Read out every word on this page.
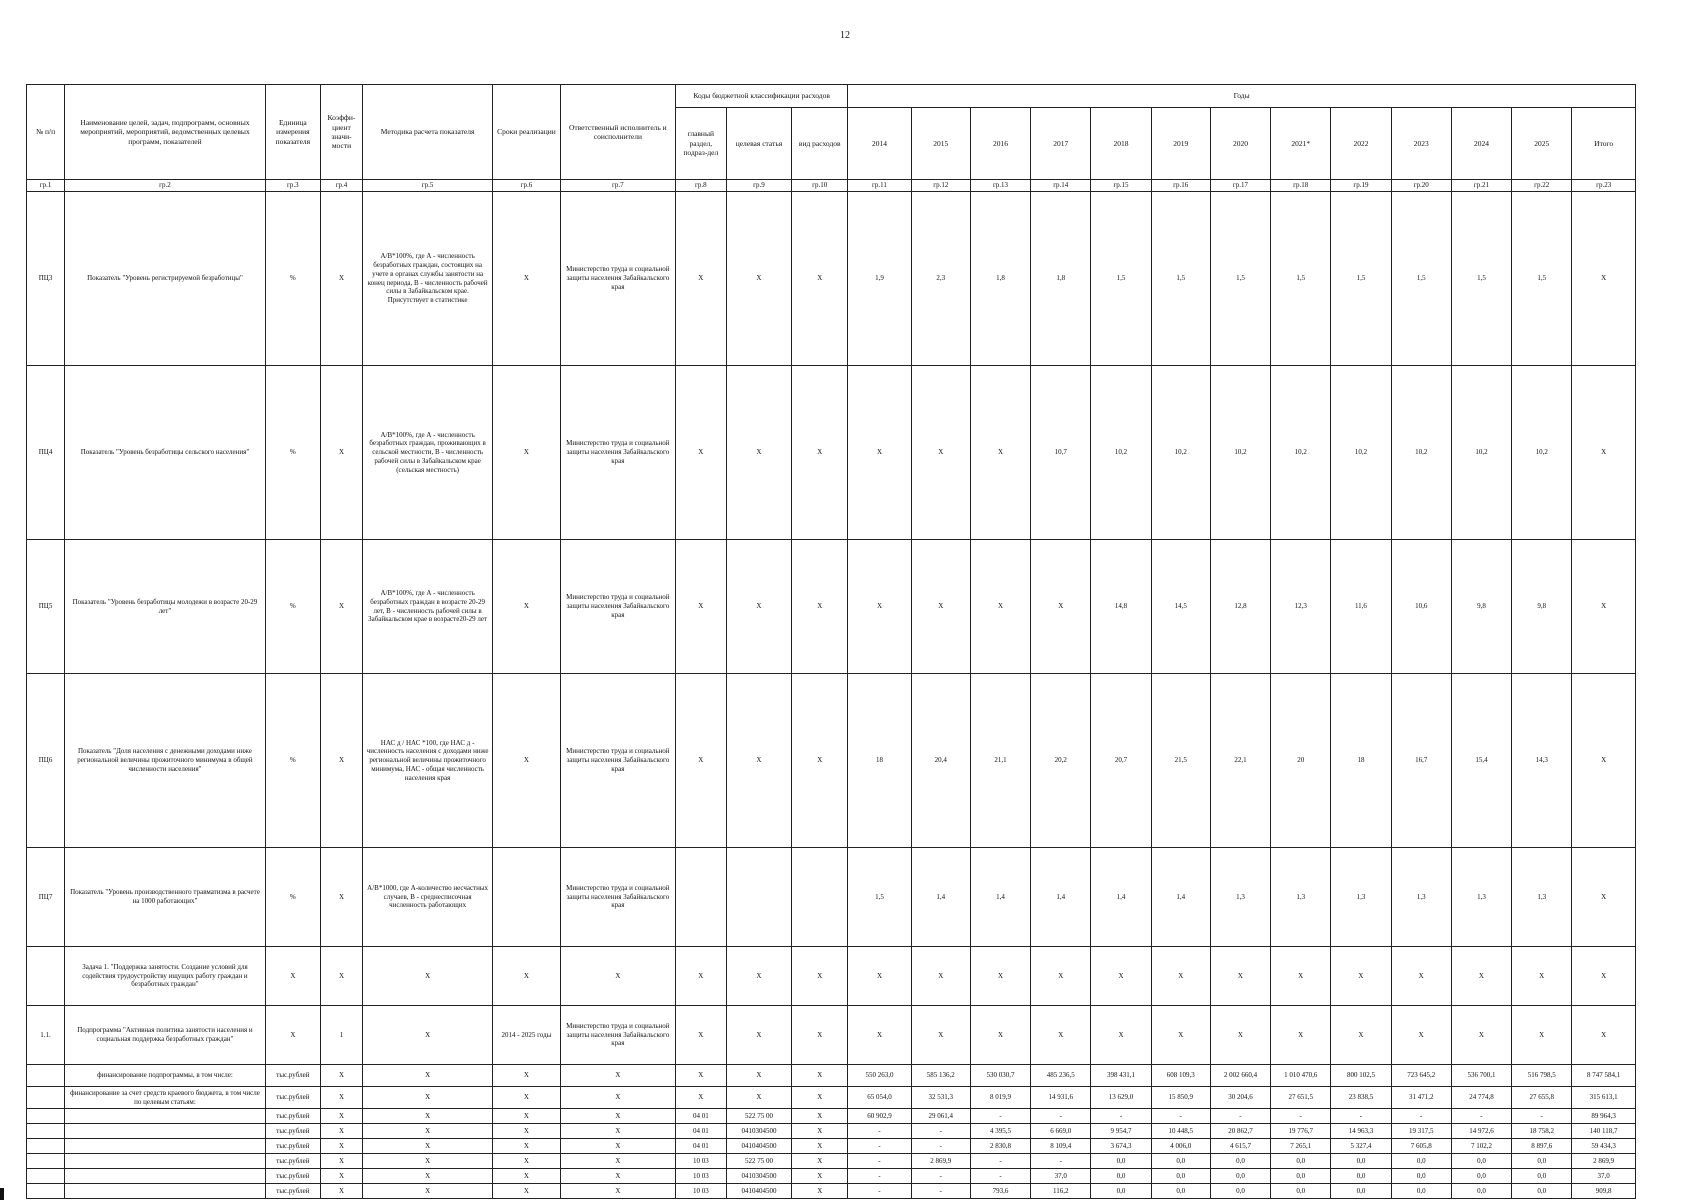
12
№ п/п	Наименование целей, задач, подпрограмм, основных мероприятий, мероприятий, ведомственных целевых программ, показателей	Единица измерения показателя	Коэффи-циент значи-мости	Методика расчета показателя	Сроки реализации	Ответственный исполнитель и соисполнители	Коды бюджетной классификации расходов			Годы												
							главный раздел, подраз-дел	целевая статья	вид расходов	2014	2015	2016	2017	2018	2019	2020	2021*	2022	2023	2024	2025	Итого
гр.1	гр.2	гр.3	гр.4	гр.5	гр.6	гр.7	гр.8	гр.9	гр.10	гр.11	гр.12	гр.13	гр.14	гр.15	гр.16	гр.17	гр.18	гр.19	гр.20	гр.21	гр.22	гр.23
ПЦ3	Показатель "Уровень регистрируемой безработицы"	%	X	А/В*100%, где А - численность безработных граждан, состоящих на учете в органах службы занятости на конец периода, В - численность рабочей силы в Забайкальском крае. Присутствует в статистике	X	Министерство труда и социальной защиты населения Забайкальского края	X	X	X	1,9	2,3	1,8	1,8	1,5	1,5	1,5	1,5	1,5	1,5	1,5	1,5	X
ПЦ4	Показатель "Уровень безработицы сельского населения"	%	X	А/В*100%, где А - численность безработных граждан, проживающих в сельской местности, В - численность рабочей силы в Забайкальском крае (сельская местность)	X	Министерство труда и социальной защиты населения Забайкальского края	X	X	X	X	X	X	10,7	10,2	10,2	10,2	10,2	10,2	10,2	10,2	10,2	X
ПЦ5	Показатель "Уровень безработицы молодежи в возрасте 20-29 лет"	%	X	А/В*100%, где А - численность безработных граждан в возрасте 20-29 лет, В - численность рабочей силы в Забайкальском крае в возрасте20-29 лет	X	Министерство труда и социальной защиты населения Забайкальского края	X	X	X	X	X	X	X	14,8	14,5	12,8	12,3	11,6	10,6	9,8	9,8	X
ПЦ6	Показатель "Доля населения с денежными доходами ниже региональной величины прожиточного минимума в общей численности населения"	%	X	НАС д / НАС *100, где НАС д - численность населения с доходами ниже региональной величины прожиточного минимума, НАС - общая численность населения края	X	Министерство труда и социальной защиты населения Забайкальского края	X	X	X	18	20,4	21,1	20,2	20,7	21,5	22,1	20	18	16,7	15,4	14,3	X
ПЦ7	Показатель "Уровень производственного травматизма в расчете на 1000 работающих"	%	X	А/В*1000, где А-количество несчастных случаев, В - среднесписочная численность работающих		Министерство труда и социальной защиты населения Забайкальского края				1,5	1,4	1,4	1,4	1,4	1,4	1,3	1,3	1,3	1,3	1,3	1,3	X
	Задача 1. "Поддержка занятости. Создание условий для содействия трудоустройству ищущих работу граждан и безработных граждан"	X	X	X	X	X	X	X	X	X	X	X	X	X	X	X	X	X	X	X	X	X
1.1.	Подпрограмма "Активная политика занятости населения и социальная поддержка безработных граждан"	X	1	X	2014 - 2025 годы	Министерство труда и социальной защиты населения Забайкальского края	X	X	X	X	X	X	X	X	X	X	X	X	X	X	X	X
	финансирование подпрограммы, в том числе:	тыс.рублей	X	X	X	X	X	X	X	550 263,0	585 136,2	530 030,7	485 236,5	398 431,1	608 109,3	2 002 660,4	1 010 470,6	800 102,5	723 645,2	536 700,1	516 798,5	8 747 584,1
	финансирование за счет средств краевого бюджета, в том числе по целевым статьям:	тыс.рублей	X	X	X	X	X	X	X	65 054,0	32 531,3	8 019,9	14 931,6	13 629,0	15 850,9	30 204,6	27 651,5	23 838,5	31 471,2	24 774,8	27 655,8	315 613,1
		тыс.рублей	X	X	X	X	04 01	522 75 00	X	60 902,9	29 061,4	-	-	-	-	-	-	-	-	-	-	89 964,3
		тыс.рублей	X	X	X	X	04 01	0410304500	X	-	-	4 395,5	6 669,0	9 954,7	10 448,5	20 862,7	19 776,7	14 963,3	19 317,5	14 972,6	18 758,2	140 118,7
		тыс.рублей	X	X	X	X	04 01	0410404500	X	-	-	2 830,8	8 109,4	3 674,3	4 006,0	4 615,7	7 265,1	5 327,4	7 605,8	7 102,2	8 897,6	59 434,3
		тыс.рублей	X	X	X	X	10 03	522 75 00	X	-	2 869,9	-	-	0,0	0,0	0,0	0,0	0,0	0,0	0,0	0,0	2 869,9
		тыс.рублей	X	X	X	X	10 03	0410304500	X	-	-	-	37,0	0,0	0,0	0,0	0,0	0,0	0,0	0,0	0,0	37,0
		тыс.рублей	X	X	X	X	10 03	0410404500	X	-	-	793,6	116,2	0,0	0,0	0,0	0,0	0,0	0,0	0,0	0,0	909,8
